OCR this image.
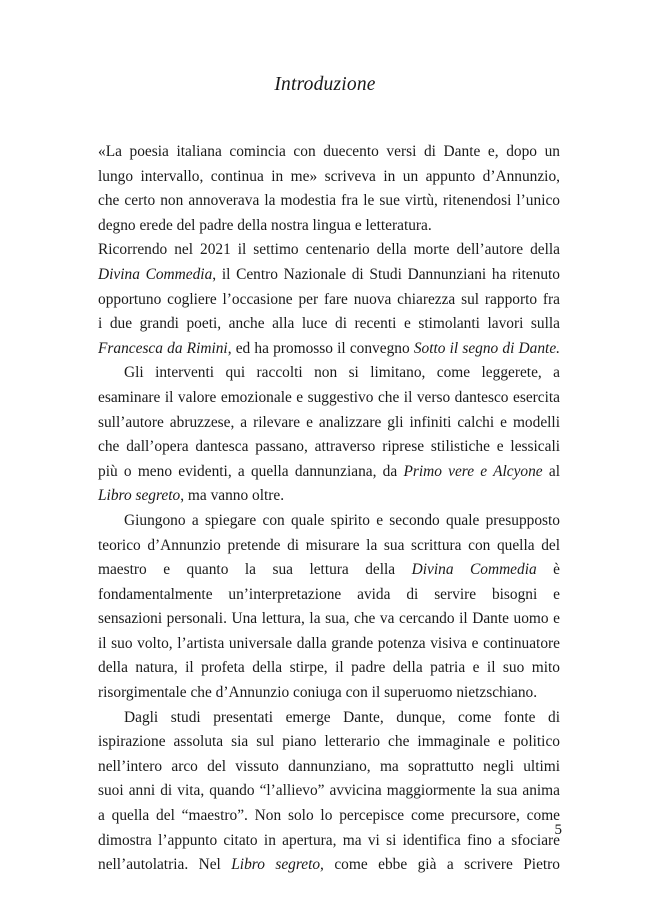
Introduzione
«La poesia italiana comincia con duecento versi di Dante e, dopo un
lungo intervallo, continua in me» scriveva in un appunto d’Annunzio,
che certo non annoverava la modestia fra le sue virtù, ritenendosi l’unico
degno erede del padre della nostra lingua e letteratura.
Ricorrendo nel 2021 il settimo centenario della morte dell’autore della
Divina Commedia, il Centro Nazionale di Studi Dannunziani ha ritenuto
opportuno cogliere l’occasione per fare nuova chiarezza sul rapporto fra
i due grandi poeti, anche alla luce di recenti e stimolanti lavori sulla
Francesca da Rimini, ed ha promosso il convegno Sotto il segno di Dante.
Gli interventi qui raccolti non si limitano, come leggerete, a
esaminare il valore emozionale e suggestivo che il verso dantesco esercita
sull’autore abruzzese, a rilevare e analizzare gli infiniti calchi e modelli
che dall’opera dantesca passano, attraverso riprese stilistiche e lessicali
più o meno evidenti, a quella dannunziana, da Primo vere e Alcyone al
Libro segreto, ma vanno oltre.
Giungono a spiegare con quale spirito e secondo quale presupposto
teorico d’Annunzio pretende di misurare la sua scrittura con quella del
maestro e quanto la sua lettura della Divina Commedia è
fondamentalmente un’interpretazione avida di servire bisogni e
sensazioni personali. Una lettura, la sua, che va cercando il Dante uomo e
il suo volto, l’artista universale dalla grande potenza visiva e continuatore
della natura, il profeta della stirpe, il padre della patria e il suo mito
risorgimentale che d’Annunzio coniuga con il superuomo nietzschiano.
Dagli studi presentati emerge Dante, dunque, come fonte di
ispirazione assoluta sia sul piano letterario che immaginale e politico
nell’intero arco del vissuto dannunziano, ma soprattutto negli ultimi
suoi anni di vita, quando “l’allievo” avvicina maggiormente la sua anima
a quella del “maestro”. Non solo lo percepisce come precursore, come
dimostra l’appunto citato in apertura, ma vi si identifica fino a sfociare
nell’autolatria. Nel Libro segreto, come ebbe già a scrivere Pietro
5
